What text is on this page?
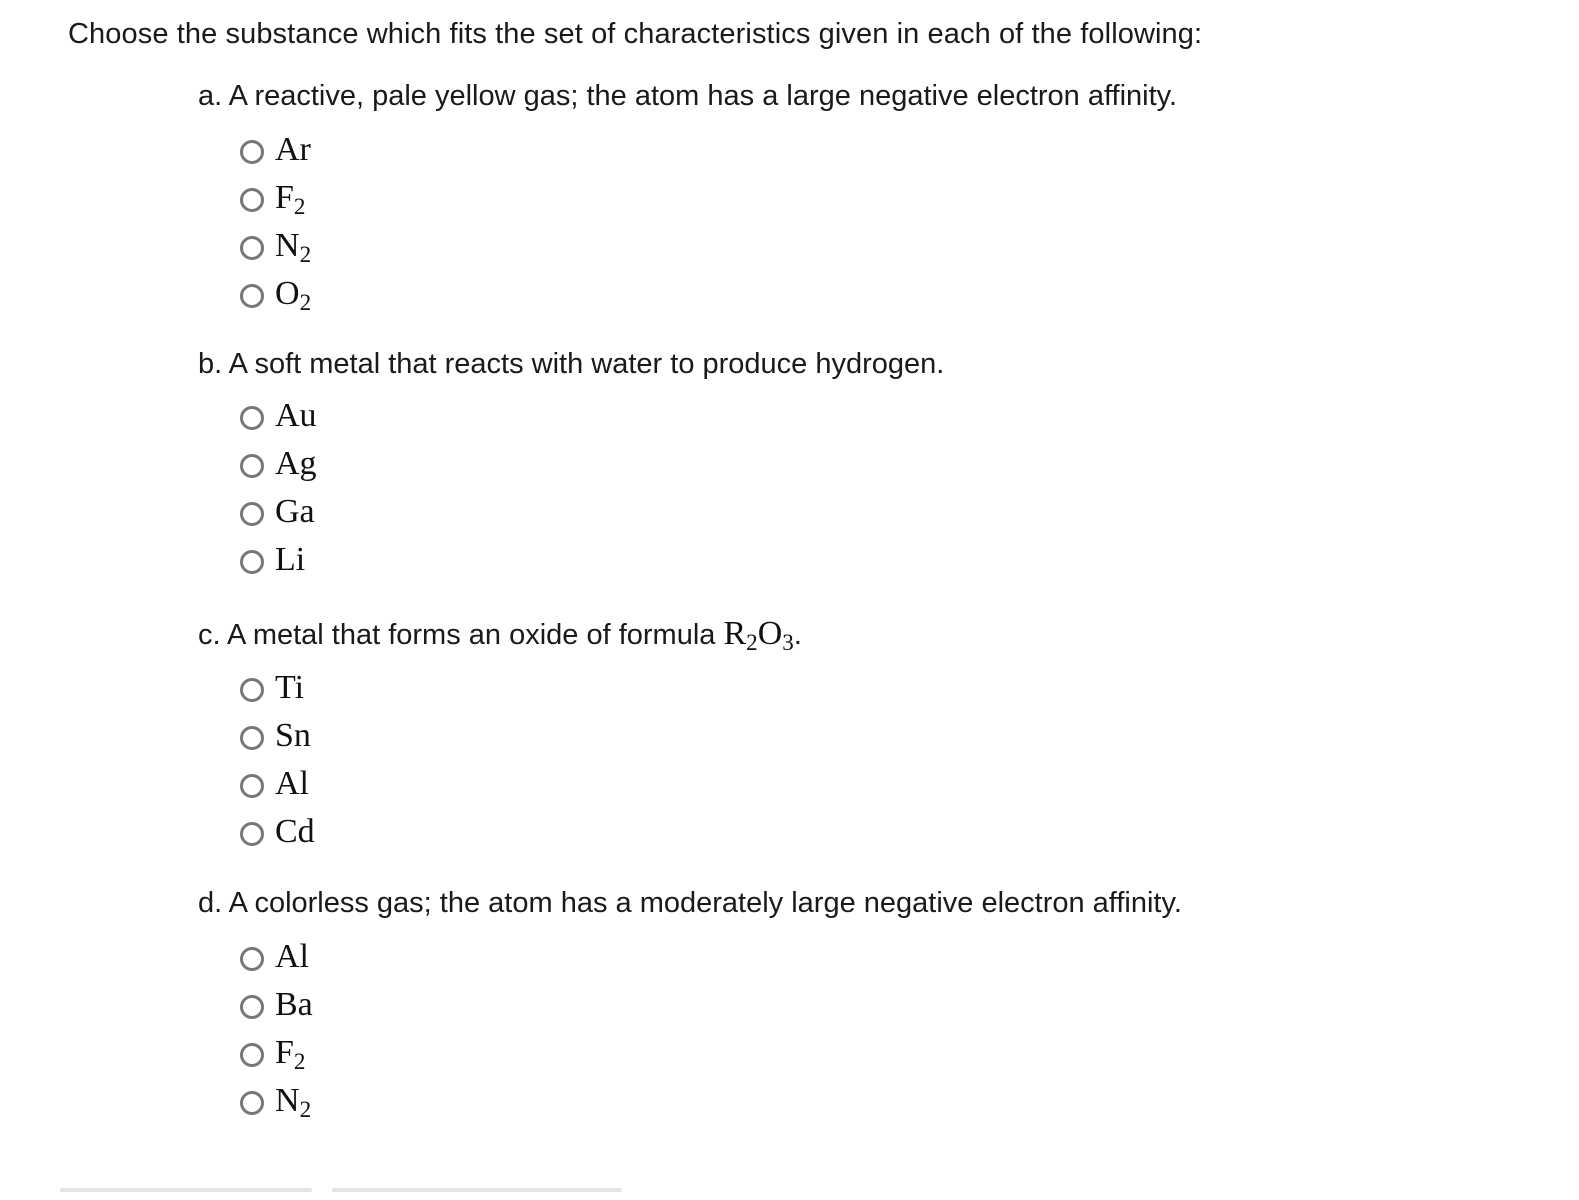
Choose the substance which fits the set of characteristics given in each of the following:
a. A reactive, pale yellow gas; the atom has a large negative electron affinity.
Ar
$F_2$
$N_2$
$O_2$
b. A soft metal that reacts with water to produce hydrogen.
Au
Ag
Ga
Li
c. A metal that forms an oxide of formula $R_2O_3$.
Ti
Sn
Al
Cd
d. A colorless gas; the atom has a moderately large negative electron affinity.
Al
Ba
$F_2$
$N_2$
